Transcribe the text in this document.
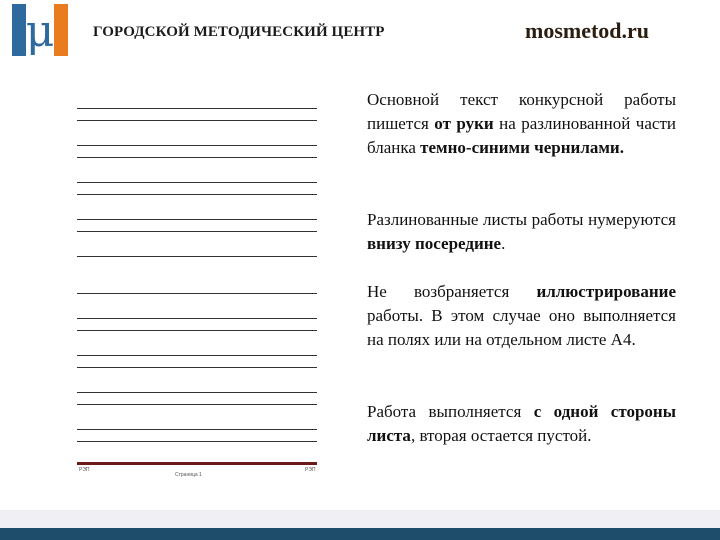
μ	ГОРОДСКОЙ МЕТОДИЧЕСКИЙ ЦЕНТР	mosmetod.ru
РЭП
Страница 1
РЭП

Основной текст конкурсной работы пишется от руки на разлинованной части бланка темно-синими чернилами.

Разлинованные листы работы нумеруются внизу посередине.

Не возбраняется иллюстрирование работы. В этом случае оно выполняется на полях или на отдельном листе А4.

Работа выполняется с одной стороны листа, вторая остается пустой.
